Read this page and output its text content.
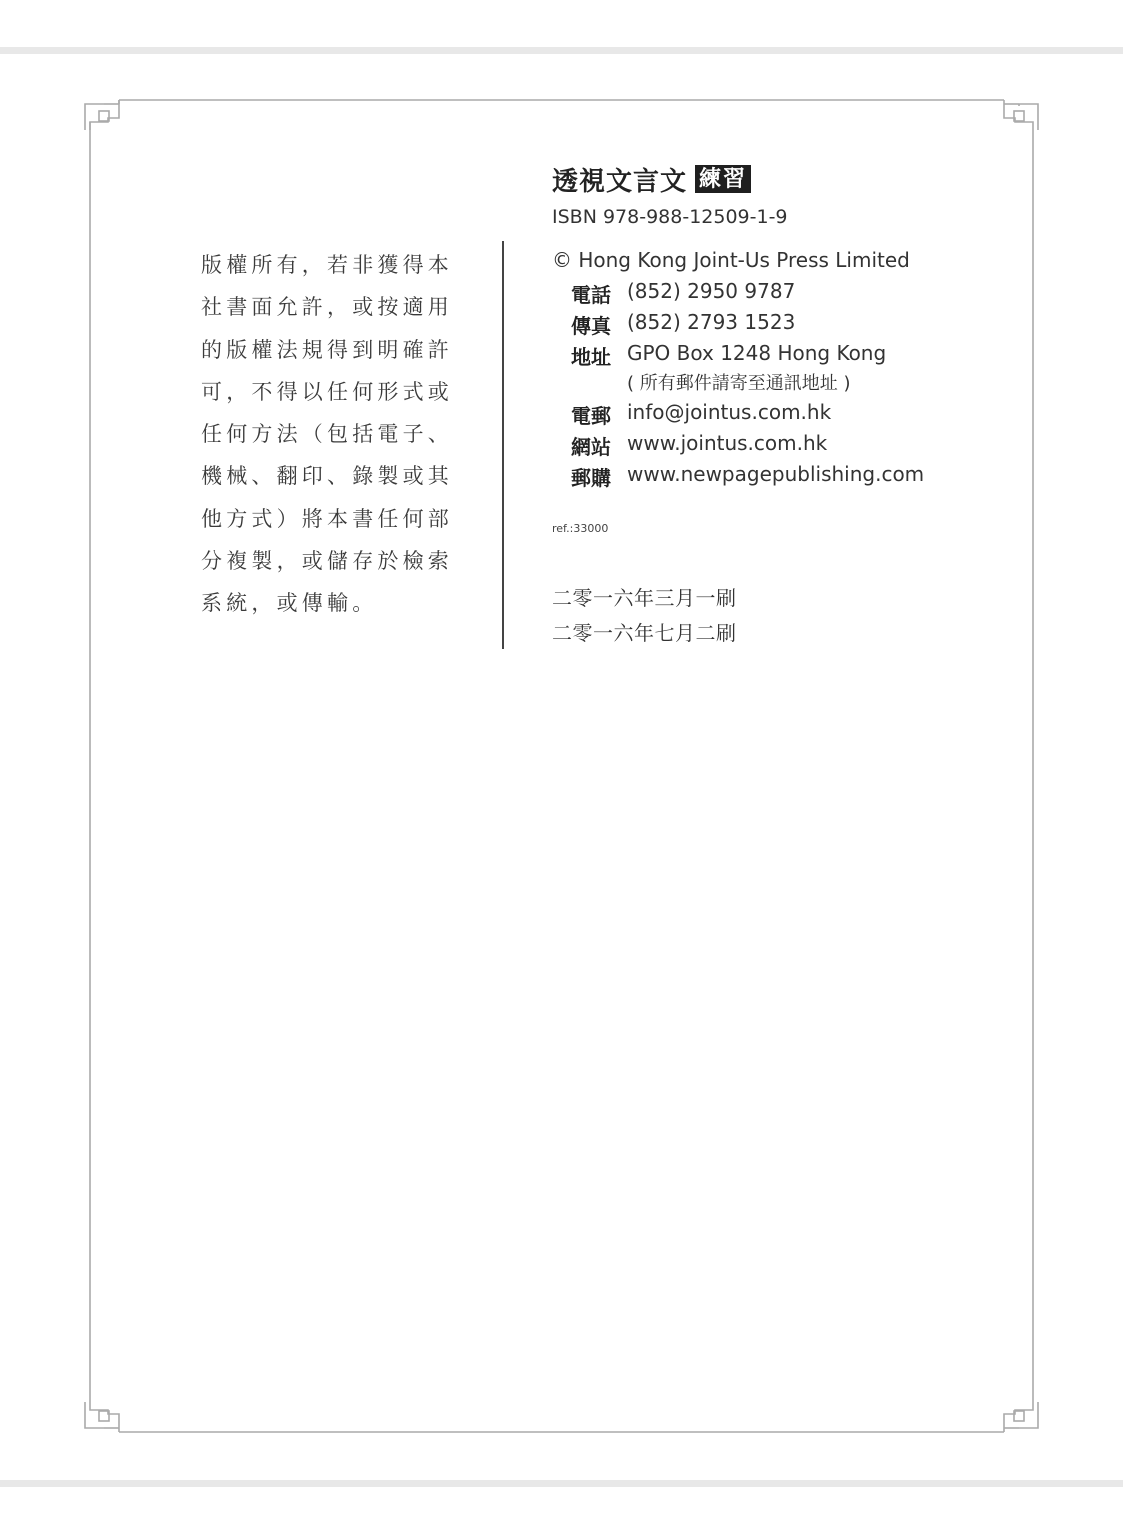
版權所有，若非獲得本社書面允許，或按適用的版權法規得到明確許可，不得以任何形式或任何方法（包括電子、機械、翻印、錄製或其他方式）將本書任何部分複製，或儲存於檢索系統，或傳輸。

透視文言文 練習
ISBN 978-988-12509-1-9
© Hong Kong Joint-Us Press Limited
電話 (852) 2950 9787
傳真 (852) 2793 1523
地址 GPO Box 1248 Hong Kong
( 所有郵件請寄至通訊地址 )
電郵 info@jointus.com.hk
網站 www.jointus.com.hk
郵購 www.newpagepublishing.com
ref.:33000
二零一六年三月一刷
二零一六年七月二刷
